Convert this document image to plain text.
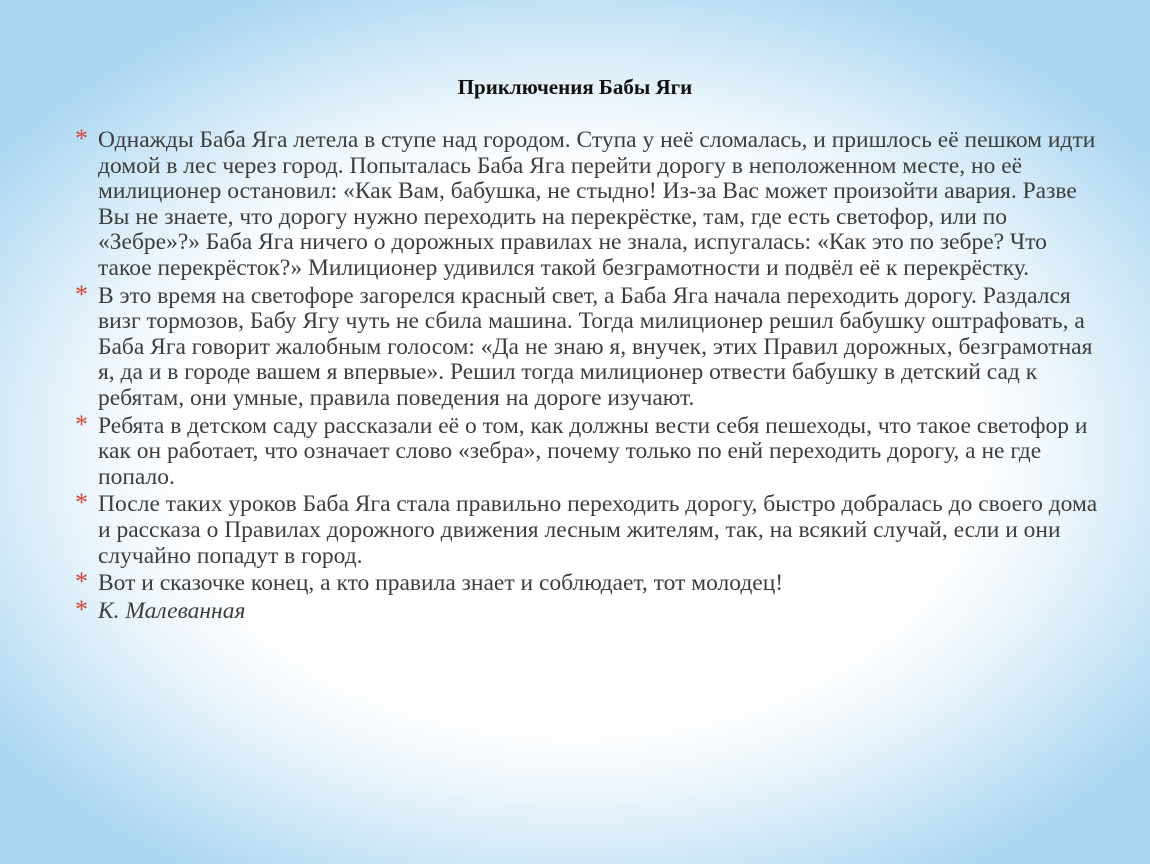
Приключения Бабы Яги
* Однажды Баба Яга летела в ступе над городом. Ступа у неё сломалась, и пришлось её пешком идти домой в лес через город. Попыталась Баба Яга перейти дорогу в неположенном месте, но её милиционер остановил: «Как Вам, бабушка, не стыдно! Из-за Вас может произойти авария. Разве Вы не знаете, что дорогу нужно переходить на перекрёстке, там, где есть светофор, или по «Зебре»?» Баба Яга ничего о дорожных правилах не знала, испугалась: «Как это по зебре? Что такое перекрёсток?» Милиционер удивился такой безграмотности и подвёл её к перекрёстку.
* В это время на светофоре загорелся красный свет, а Баба Яга начала переходить дорогу. Раздался визг тормозов, Бабу Ягу чуть не сбила машина. Тогда милиционер решил бабушку оштрафовать, а Баба Яга говорит жалобным голосом: «Да не знаю я, внучек, этих Правил дорожных, безграмотная я, да и в городе вашем я впервые». Решил тогда милиционер отвести бабушку в детский сад к ребятам, они умные, правила поведения на дороге изучают.
* Ребята в детском саду рассказали её о том, как должны вести себя пешеходы, что такое светофор и как он работает, что означает слово «зебра», почему только по енй переходить дорогу, а не где попало.
* После таких уроков Баба Яга стала правильно переходить дорогу, быстро добралась до своего дома и рассказа о Правилах дорожного движения лесным жителям, так, на всякий случай, если и они случайно попадут в город.
* Вот и сказочке конец, а кто правила знает и соблюдает, тот молодец!
* К. Малеванная
